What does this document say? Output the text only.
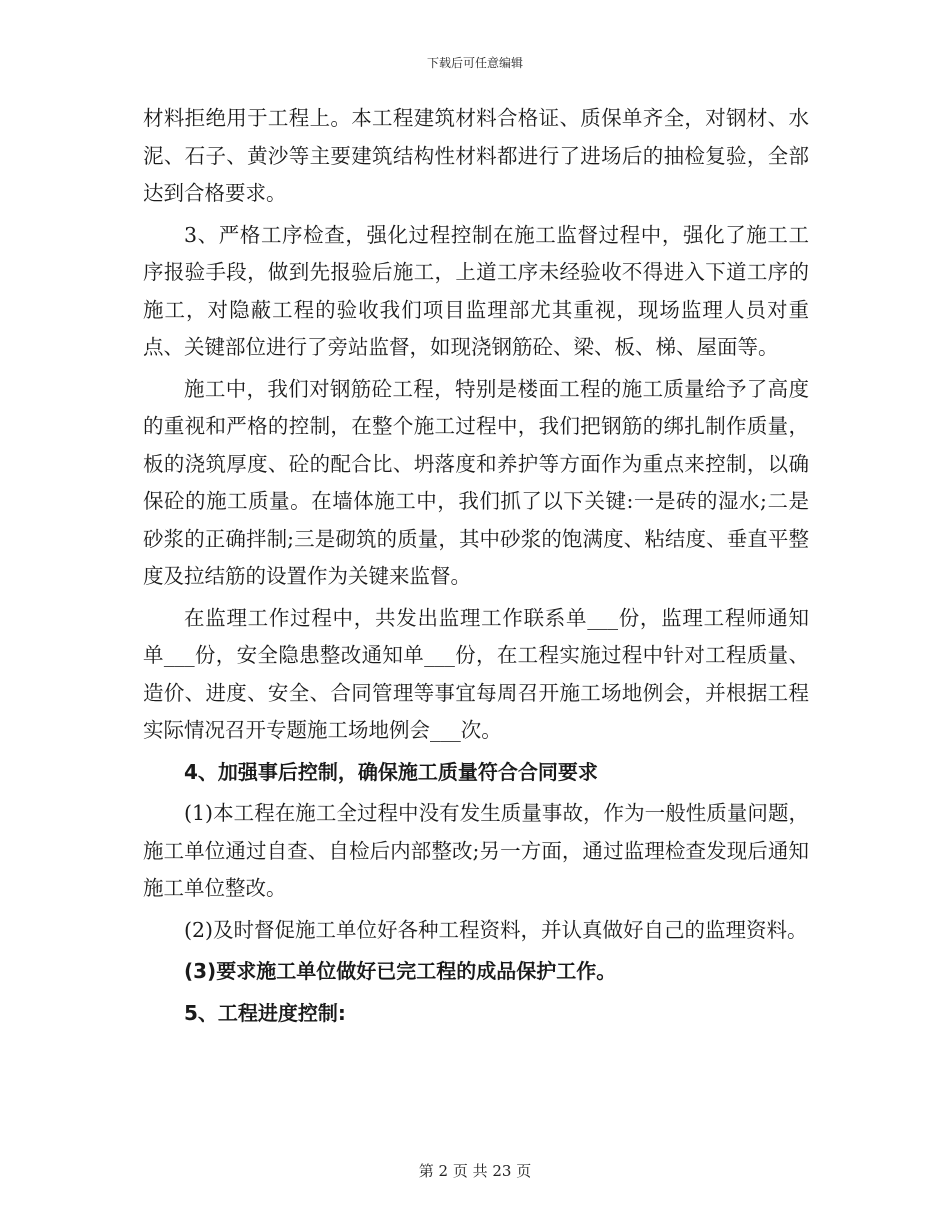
下载后可任意编辑

材料拒绝用于工程上。本工程建筑材料合格证、质保单齐全，对钢材、水泥、石子、黄沙等主要建筑结构性材料都进行了进场后的抽检复验，全部达到合格要求。

3、严格工序检查，强化过程控制在施工监督过程中，强化了施工工序报验手段，做到先报验后施工，上道工序未经验收不得进入下道工序的施工，对隐蔽工程的验收我们项目监理部尤其重视，现场监理人员对重点、关键部位进行了旁站监督，如现浇钢筋砼、梁、板、梯、屋面等。

施工中，我们对钢筋砼工程，特别是楼面工程的施工质量给予了高度的重视和严格的控制，在整个施工过程中，我们把钢筋的绑扎制作质量，板的浇筑厚度、砼的配合比、坍落度和养护等方面作为重点来控制，以确保砼的施工质量。在墙体施工中，我们抓了以下关键:一是砖的湿水;二是砂浆的正确拌制;三是砌筑的质量，其中砂浆的饱满度、粘结度、垂直平整度及拉结筋的设置作为关键来监督。

在监理工作过程中，共发出监理工作联系单___份，监理工程师通知单___份，安全隐患整改通知单___份，在工程实施过程中针对工程质量、造价、进度、安全、合同管理等事宜每周召开施工场地例会，并根据工程实际情况召开专题施工场地例会___次。

4、加强事后控制，确保施工质量符合合同要求

(1)本工程在施工全过程中没有发生质量事故，作为一般性质量问题，施工单位通过自查、自检后内部整改;另一方面，通过监理检查发现后通知施工单位整改。

(2)及时督促施工单位好各种工程资料，并认真做好自己的监理资料。

(3)要求施工单位做好已完工程的成品保护工作。

5、工程进度控制:

第 2 页 共 23 页
